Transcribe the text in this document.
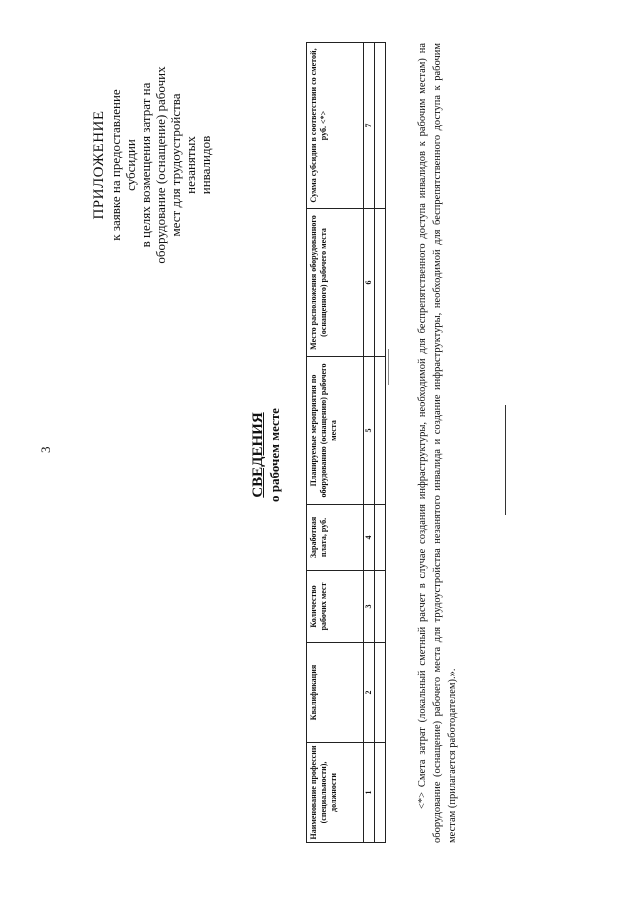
3
ПРИЛОЖЕНИЕ к заявке на предоставление субсидии в целях возмещения затрат на оборудование (оснащение) рабочих мест для трудоустройства незанятых инвалидов
СВЕДЕНИЯ о рабочем месте
Наименование профессии (специальности), должности	Квалификация	Количество рабочих мест	Заработная плата, руб.	Планируемые мероприятия по оборудованию (оснащению) рабочего места	Место расположения оборудованного (оснащенного) рабочего места	Сумма субсидии в соответствии со сметой, руб. <*>
1	2	3	4	5	6	7
							<*> Смета затрат (локальный сметный расчет в случае создания инфраструктуры, необходимой для беспрепятственного доступа инвалидов к рабочим местам) на оборудование (оснащение) рабочего места для трудоустройства незанятого инвалида и создание инфраструктуры, необходимой для беспрепятственного доступа к рабочим местам (прилагается работодателем).».
